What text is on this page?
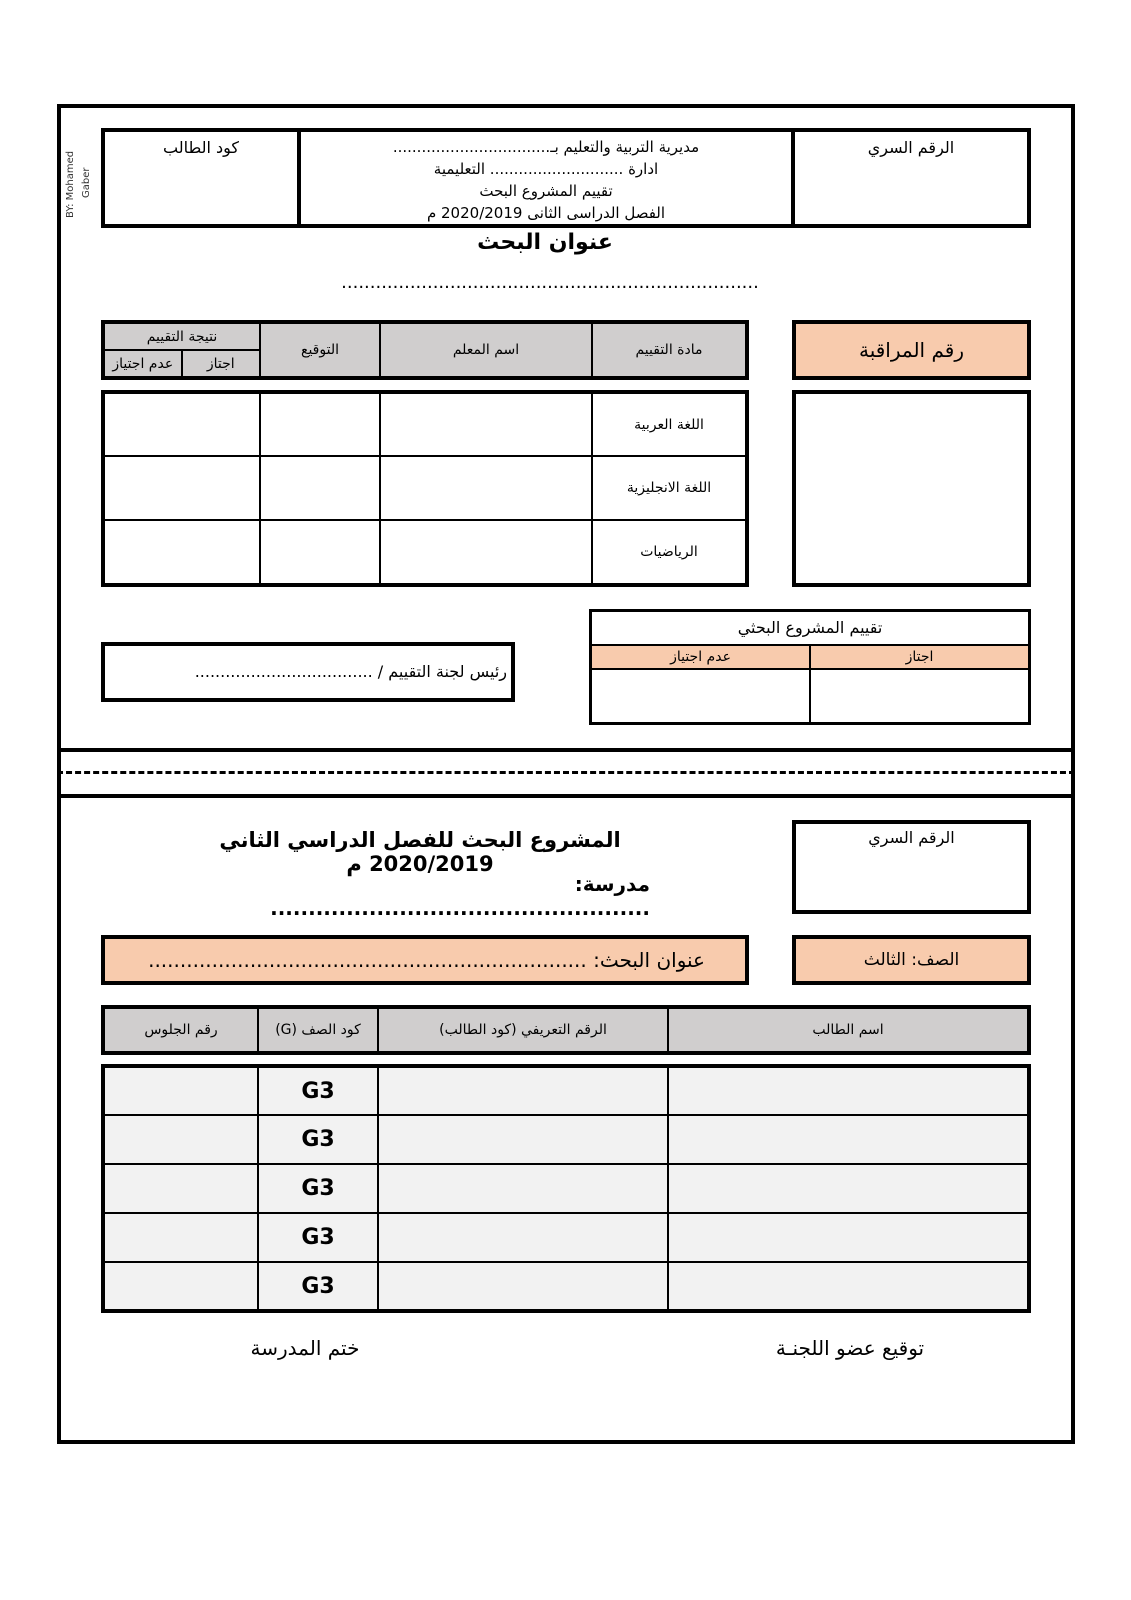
BY: Mohamed Gaber
الرقم السري	
مديرية التربية والتعليم بـ.................................
ادارة ............................ التعليمية
تقييم المشروع البحث
الفصل الدراسى الثانى 2020/2019 م
	كود الطالب
عنوان البحث
.........................................................................
رقم المراقبة
مادة التقييم	اسم المعلم	التوقيع	نتيجة التقييم	
			اجتاز	عدم اجتياز
اللغة العربية			
اللغة الانجليزية			
الرياضيات			
تقييم المشروع البحثي	
اجتاز	عدم اجتياز

رئيس لجنة التقييم / ...................................
المشروع البحث للفصل الدراسي الثاني 2020/2019 م
مدرسة: ..................................................
الرقم السري
عنوان البحث: .....................................................................	الصف: الثالث
اسم الطالب	الرقم التعريفي (كود الطالب)	كود الصف (G)	رقم الجلوس
		G3	
		G3	
		G3	
		G3	
		G3	
توقيع عضو اللجنـة
ختم المدرسة
